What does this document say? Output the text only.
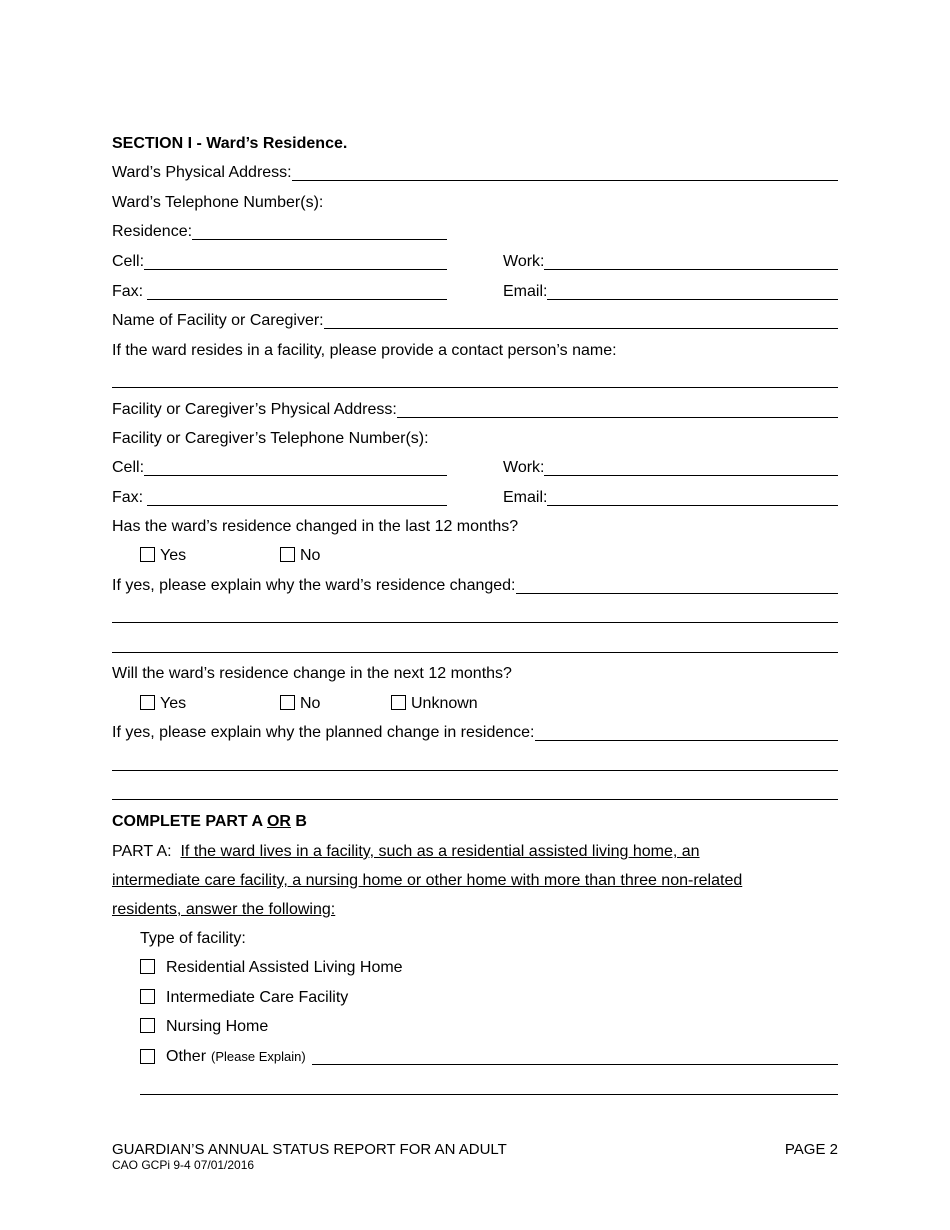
SECTION I - Ward’s Residence.
Ward’s Physical Address:
Ward’s Telephone Number(s):
Residence:
Cell:	Work:
Fax:	Email:
Name of Facility or Caregiver:
If the ward resides in a facility, please provide a contact person’s name:
Facility or Caregiver’s Physical Address:
Facility or Caregiver’s Telephone Number(s):
Cell:	Work:
Fax:	Email:
Has the ward’s residence changed in the last 12 months?
Yes	No
If yes, please explain why the ward’s residence changed:
Will the ward’s residence change in the next 12 months?
Yes	No	Unknown
If yes, please explain why the planned change in residence:
COMPLETE PART A OR B
PART A: If the ward lives in a facility, such as a residential assisted living home, an
intermediate care facility, a nursing home or other home with more than three non-related
residents, answer the following:
Type of facility:
Residential Assisted Living Home
Intermediate Care Facility
Nursing Home
Other (Please Explain)
GUARDIAN’S ANNUAL STATUS REPORT FOR AN ADULT	PAGE 2
CAO GCPi 9-4 07/01/2016
